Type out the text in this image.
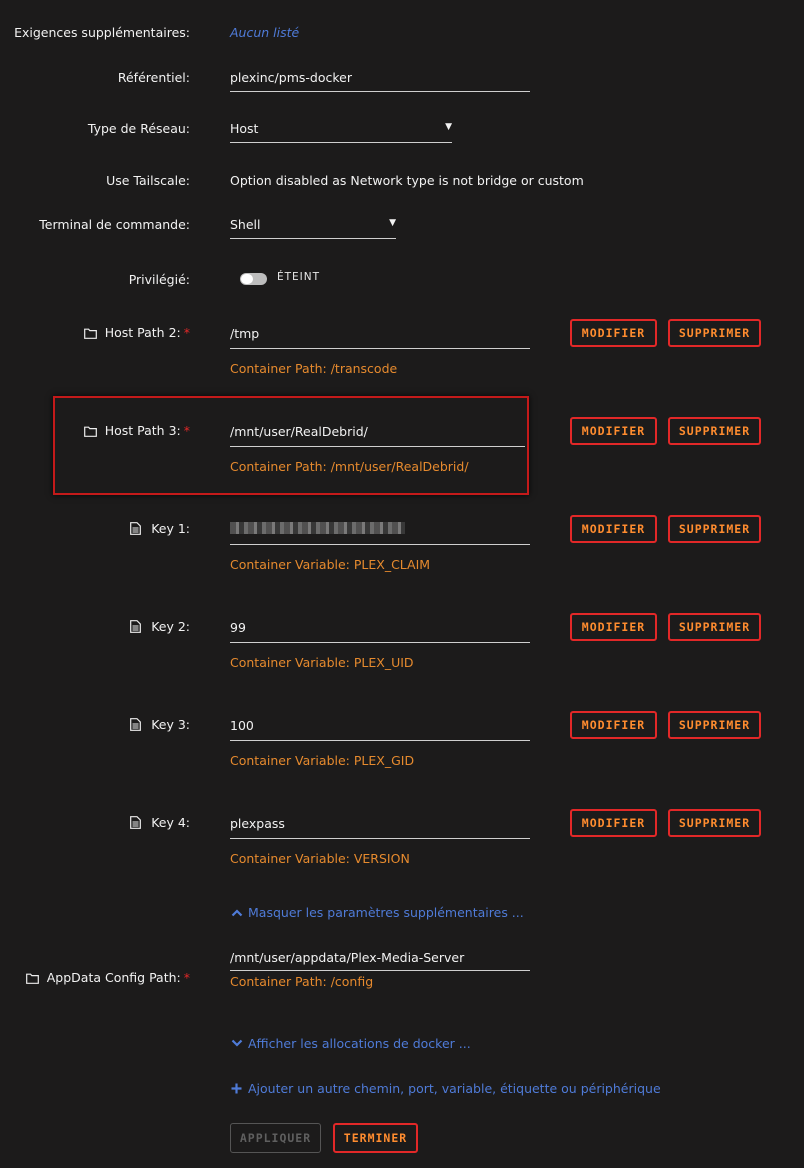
Exigences supplémentaires:	Aucun listé
Référentiel:	plexinc/pms-docker
Type de Réseau:	Host	▼
Use Tailscale:	Option disabled as Network type is not bridge or custom
Terminal de commande:	Shell	▼
Privilégié:	ÉTEINT
Host Path 2: *	/tmp
Container Path: /transcode
MODIFIER	SUPPRIMER
Host Path 3: *	/mnt/user/RealDebrid/
Container Path: /mnt/user/RealDebrid/
MODIFIER	SUPPRIMER
Key 1:
Container Variable: PLEX_CLAIM
MODIFIER	SUPPRIMER
Key 2:	99
Container Variable: PLEX_UID
MODIFIER	SUPPRIMER
Key 3:	100
Container Variable: PLEX_GID
MODIFIER	SUPPRIMER
Key 4:	plexpass
Container Variable: VERSION
MODIFIER	SUPPRIMER
Masquer les paramètres supplémentaires ...
AppData Config Path: *
/mnt/user/appdata/Plex-Media-Server
Container Path: /config
Afficher les allocations de docker ...
Ajouter un autre chemin, port, variable, étiquette ou périphérique
APPLIQUER	TERMINER
